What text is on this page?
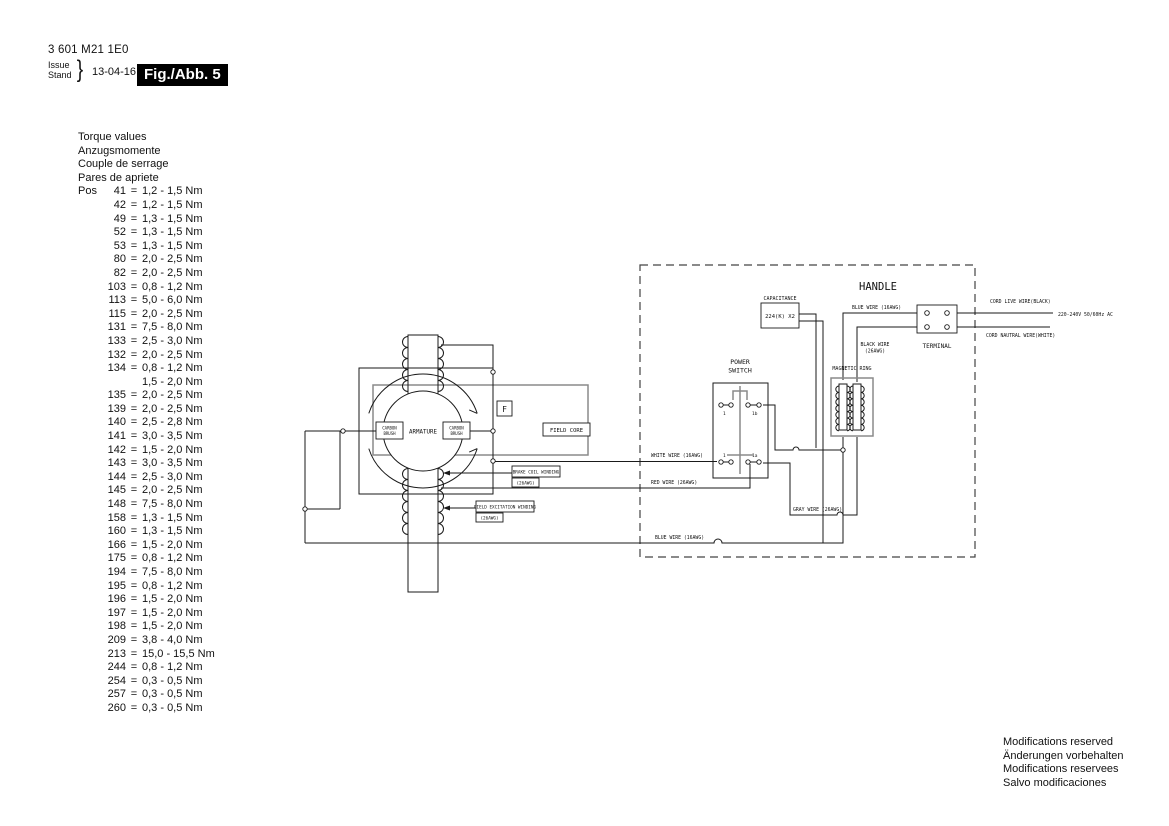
3 601 M21 1E0
Issue
Stand } 13-04-16 Fig./Abb. 5
Torque values
Anzugsmomente
Couple de serrage
Pares de apriete
Pos	41 = 1,2 - 1,5 Nm
42 = 1,2 - 1,5 Nm
49 = 1,3 - 1,5 Nm
52 = 1,3 - 1,5 Nm
53 = 1,3 - 1,5 Nm
80 = 2,0 - 2,5 Nm
82 = 2,0 - 2,5 Nm
103 = 0,8 - 1,2 Nm
113 = 5,0 - 6,0 Nm
115 = 2,0 - 2,5 Nm
131 = 7,5 - 8,0 Nm
133 = 2,5 - 3,0 Nm
132 = 2,0 - 2,5 Nm
134 = 0,8 - 1,2 Nm
1,5 - 2,0 Nm
135 = 2,0 - 2,5 Nm
139 = 2,0 - 2,5 Nm
140 = 2,5 - 2,8 Nm
141 = 3,0 - 3,5 Nm
142 = 1,5 - 2,0 Nm
143 = 3,0 - 3,5 Nm
144 = 2,5 - 3,0 Nm
145 = 2,0 - 2,5 Nm
148 = 7,5 - 8,0 Nm
158 = 1,3 - 1,5 Nm
160 = 1,3 - 1,5 Nm
166 = 1,5 - 2,0 Nm
175 = 0,8 - 1,2 Nm
194 = 7,5 - 8,0 Nm
195 = 0,8 - 1,2 Nm
196 = 1,5 - 2,0 Nm
197 = 1,5 - 2,0 Nm
198 = 1,5 - 2,0 Nm
209 = 3,8 - 4,0 Nm
213 = 15,0 - 15,5 Nm
244 = 0,8 - 1,2 Nm
254 = 0,3 - 0,5 Nm
257 = 0,3 - 0,5 Nm
260 = 0,3 - 0,5 Nm
Modifications reserved
Änderungen vorbehalten
Modifications reservees
Salvo modificaciones
HANDLE
ARMATURE
CARBON
BRUSH
CARBON
BRUSH
F
FIELD CORE
BRAKE COIL WINDING
(26AWG)
FIELD EXCITATION WINDING
(26AWG)
WHITE WIRE (16AWG)
RED WIRE (26AWG)
GRAY WIRE (26AWG)
BLUE WIRE (16AWG)
BLUE WIRE (16AWG)
BLACK WIRE
(26AWG)
CORD LIVE WIRE(BLACK)
CORD NAUTRAL WIRE(WHITE)
220-240V 50/60Hz AC
CAPACITANCE
224(K) X2
POWER
SWITCH
1	1b
1	1a
MAGNETIC RING
TERMINAL
